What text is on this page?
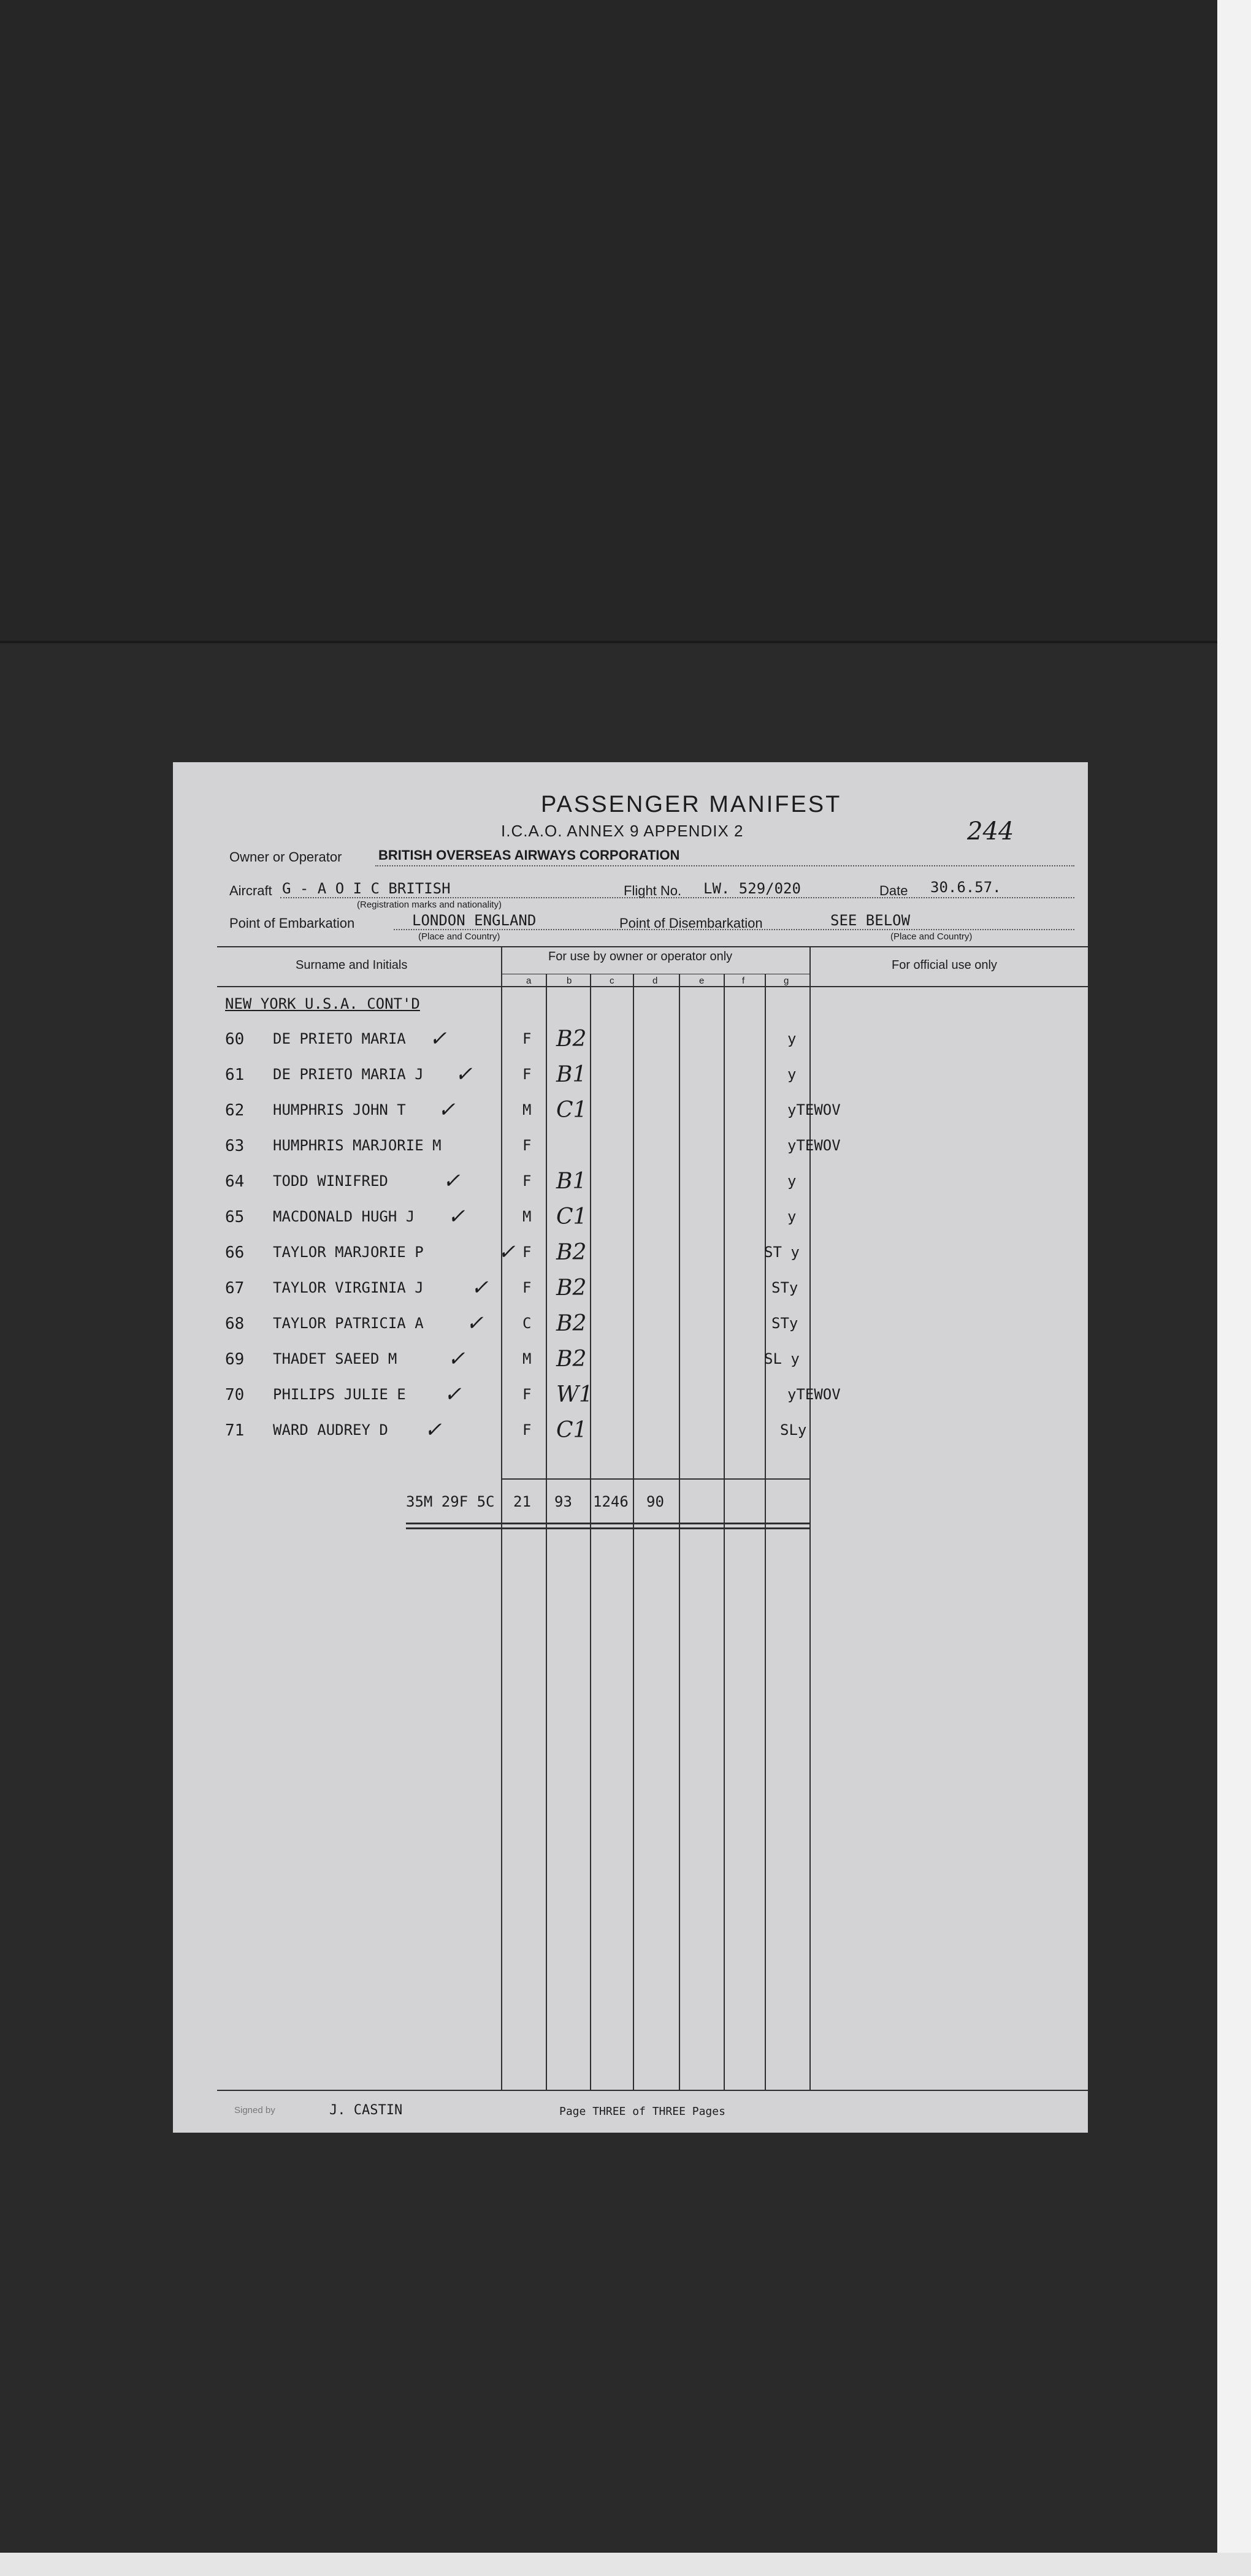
PASSENGER MANIFEST
I.C.A.O. ANNEX 9 APPENDIX 2	244
Owner or Operator	BRITISH OVERSEAS AIRWAYS CORPORATION
Aircraft G - A O I C BRITISH
(Registration marks and nationality)
Flight No. LW. 529/020	Date 30.6.57.
Point of Embarkation	LONDON ENGLAND
(Place and Country)
Point of Disembarkation	SEE BELOW
(Place and Country)
Surname and Initials
For use by owner or operator only
For official use only
a	b	c	d	e	f	g
NEW YORK U.S.A. CONT'D
60 DE PRIETO MARIA ✓	F B2	y
61 DE PRIETO MARIA J ✓	F B1	y
62 HUMPHRIS JOHN T ✓	M C1	yTEWOV
63 HUMPHRIS MARJORIE M	F	yTEWOV
64 TODD WINIFRED	✓	F B1	y
65 MACDONALD HUGH J ✓	M C1	y
66 TAYLOR MARJORIE P	✓ F B2	ST y
67 TAYLOR VIRGINIA J ✓ F B2	STy
68 TAYLOR PATRICIA A ✓	C B2	STy
69 THADET SAEED M ✓	M B2	SL y
70 PHILIPS JULIE E ✓	F W1	yTEWOV
71 WARD AUDREY D ✓	F C1	SLy
35M 29F 5C 21 93 1246 90
Signed by	J. CASTIN	Page THREE of THREE Pages
